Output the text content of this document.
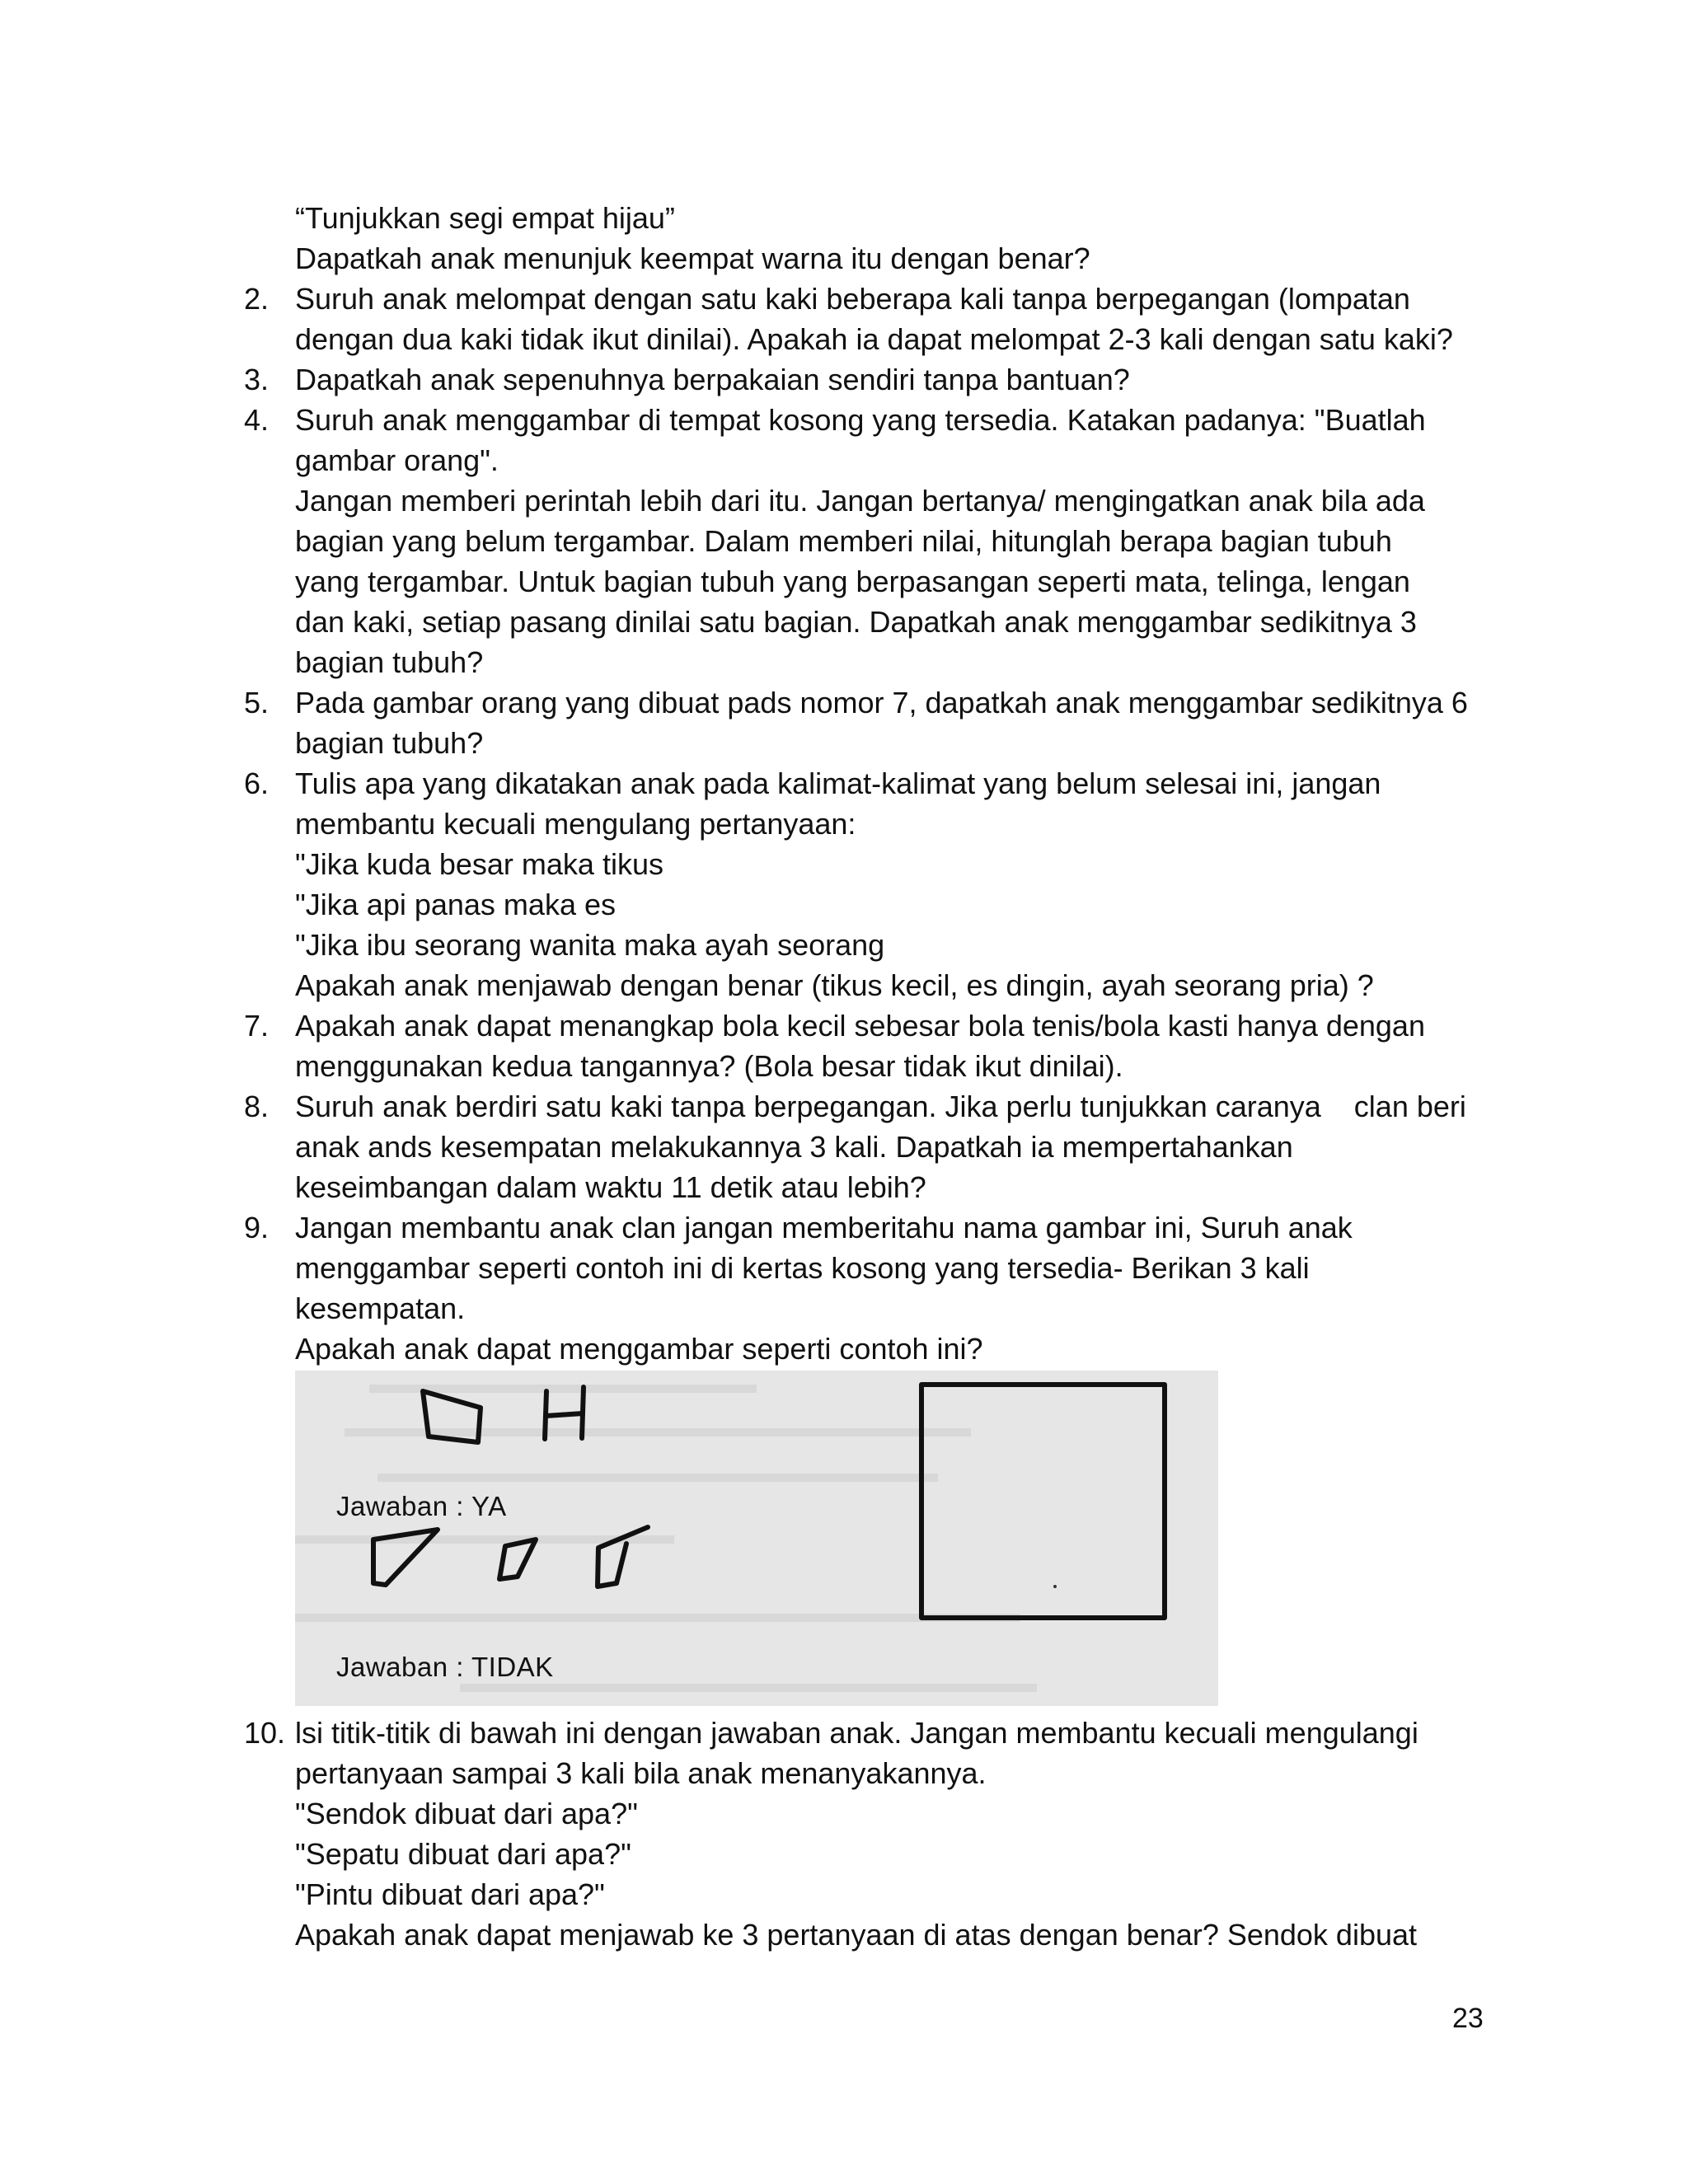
“Tunjukkan segi empat hijau”
Dapatkah anak menunjuk keempat warna itu dengan benar?
2. Suruh anak melompat dengan satu kaki beberapa kali tanpa berpegangan (lompatan
dengan dua kaki tidak ikut dinilai). Apakah ia dapat melompat 2-3 kali dengan satu kaki?
3. Dapatkah anak sepenuhnya berpakaian sendiri tanpa bantuan?
4. Suruh anak menggambar di tempat kosong yang tersedia. Katakan padanya: "Buatlah
gambar orang".
Jangan memberi perintah lebih dari itu. Jangan bertanya/ mengingatkan anak bila ada
bagian yang belum tergambar. Dalam memberi nilai, hitunglah berapa bagian tubuh
yang tergambar. Untuk bagian tubuh yang berpasangan seperti mata, telinga, lengan
dan kaki, setiap pasang dinilai satu bagian. Dapatkah anak menggambar sedikitnya 3
bagian tubuh?
5. Pada gambar orang yang dibuat pads nomor 7, dapatkah anak menggambar sedikitnya 6
bagian tubuh?
6. Tulis apa yang dikatakan anak pada kalimat-kalimat yang belum selesai ini, jangan
membantu kecuali mengulang pertanyaan:
"Jika kuda besar maka tikus
"Jika api panas maka es
"Jika ibu seorang wanita maka ayah seorang
Apakah anak menjawab dengan benar (tikus kecil, es dingin, ayah seorang pria) ?
7. Apakah anak dapat menangkap bola kecil sebesar bola tenis/bola kasti hanya dengan
menggunakan kedua tangannya? (Bola besar tidak ikut dinilai).
8. Suruh anak berdiri satu kaki tanpa berpegangan. Jika perlu tunjukkan caranya    clan beri
anak ands kesempatan melakukannya 3 kali. Dapatkah ia mempertahankan
keseimbangan dalam waktu 11 detik atau lebih?
9. Jangan membantu anak clan jangan memberitahu nama gambar ini, Suruh anak
menggambar seperti contoh ini di kertas kosong yang tersedia- Berikan 3 kali
kesempatan.
Apakah anak dapat menggambar seperti contoh ini?
Jawaban : YA
Jawaban : TIDAK
10. lsi titik-titik di bawah ini dengan jawaban anak. Jangan membantu kecuali mengulangi
pertanyaan sampai 3 kali bila anak menanyakannya.
"Sendok dibuat dari apa?"
"Sepatu dibuat dari apa?"
"Pintu dibuat dari apa?"
Apakah anak dapat menjawab ke 3 pertanyaan di atas dengan benar? Sendok dibuat
23
